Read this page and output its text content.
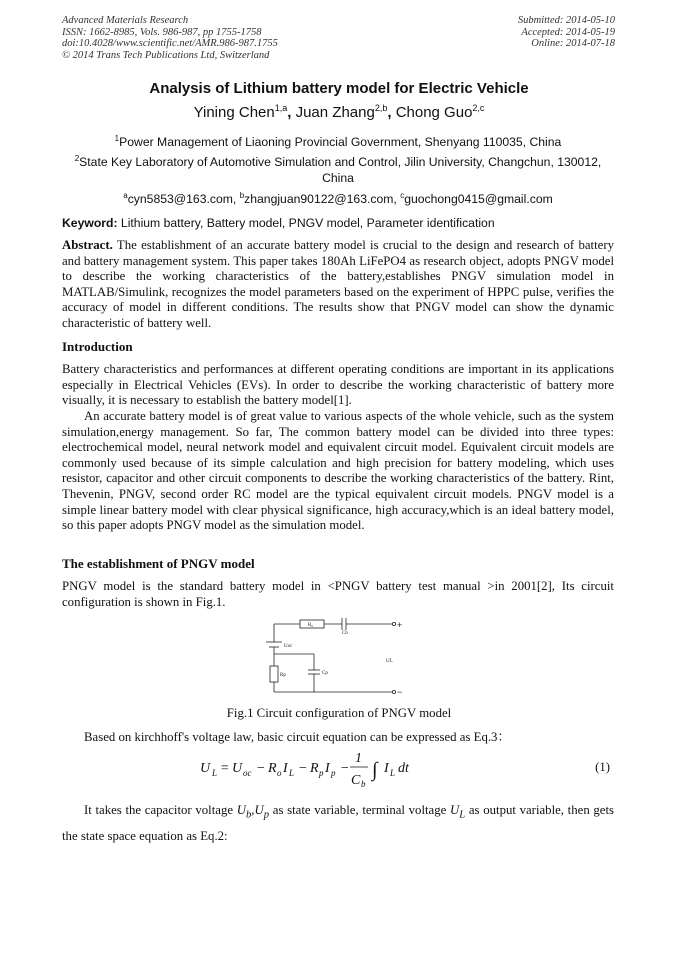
Advanced Materials Research
ISSN: 1662-8985, Vols. 986-987, pp 1755-1758
doi:10.4028/www.scientific.net/AMR.986-987.1755
© 2014 Trans Tech Publications Ltd, Switzerland
Submitted: 2014-05-10
Accepted: 2014-05-19
Online: 2014-07-18
Analysis of Lithium battery model for Electric Vehicle
Yining Chen$^{1,a}$, Juan Zhang$^{2,b}$, Chong Guo$^{2,c}$
$^1$Power Management of Liaoning Provincial Government, Shenyang 110035, China
$^2$State Key Laboratory of Automotive Simulation and Control, Jilin University, Changchun, 130012, China
$^a$cyn5853@163.com, $^b$zhangjuan90122@163.com, $^c$guochong0415@gmail.com
Keyword: Lithium battery, Battery model, PNGV model, Parameter identification
Abstract. The establishment of an accurate battery model is crucial to the design and research of battery and battery management system. This paper takes 180Ah LiFePO4 as research object, adopts PNGV model to describe the working characteristics of the battery,establishes PNGV simulation model in MATLAB/Simulink, recognizes the model parameters based on the experiment of HPPC pulse, verifies the accuracy of model in different conditions. The results show that PNGV model can show the dynamic characteristic of battery well.
Introduction
Battery characteristics and performances at different operating conditions are important in its applications especially in Electrical Vehicles (EVs). In order to describe the working characteristic of battery more visually, it is necessary to establish the battery model[1].
An accurate battery model is of great value to various aspects of the whole vehicle, such as the system simulation,energy management. So far, The common battery model can be divided into three types: electrochemical model, neural network model and equivalent circuit model. Equivalent circuit models are commonly used because of its simple calculation and high precision for battery modeling, which uses resistor, capacitor and other circuit components to describe the working characteristics of the battery. Rint, Thevenin, PNGV, second order RC model are the typical equivalent circuit models. PNGV model is a simple linear battery model with clear physical significance, high accuracy,which is an ideal battery model, so this paper adopts PNGV model as the simulation model.
The establishment of PNGV model
PNGV model is the standard battery model in <PNGV battery test manual >in 2001[2], Its circuit configuration is shown in Fig.1.
R₀
Cb
Uoc
Rp	Cp
UL
+
−
Fig.1 Circuit configuration of PNGV model
Based on kirchhoff's voltage law, basic circuit equation can be expressed as Eq.3：
U L = U oc − R o I L − R p I p −
1
C b
∫ I L dt	(1)
It takes the capacitor voltage $U_b,U_p$ as state variable, terminal voltage $U_L$ as output variable, then gets the state space equation as Eq.2:
